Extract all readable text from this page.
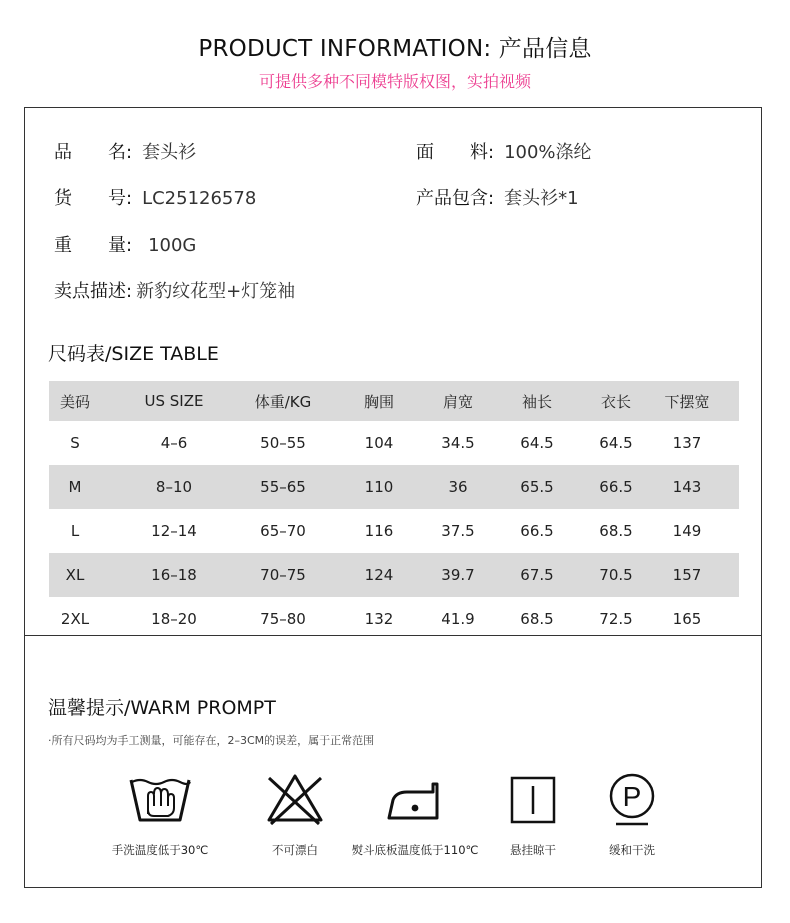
PRODUCT INFORMATION: 产品信息
可提供多种不同模特版权图，实拍视频
品　　名: 套头衫	面　　料: 100%涤纶
货　　号: LC25126578	产品包含: 套头衫*1
重　　量: 100G
卖点描述: 新豹纹花型+灯笼袖
尺码表/SIZE TABLE
美码	US SIZE	体重/KG	胸围	肩宽	袖长	衣长	下摆宽
S	4–6	50–55	104	34.5	64.5	64.5	137
M	8–10	55–65	110	36	65.5	66.5	143
L	12–14	65–70	116	37.5	66.5	68.5	149
XL	16–18	70–75	124	39.7	67.5	70.5	157
2XL	18–20	75–80	132	41.9	68.5	72.5	165
温馨提示/WARM PROMPT
·所有尺码均为手工测量，可能存在，2–3CM的误差，属于正常范围
手洗温度低于30℃	不可漂白	熨斗底板温度低于110℃	悬挂晾干
P
缓和干洗
